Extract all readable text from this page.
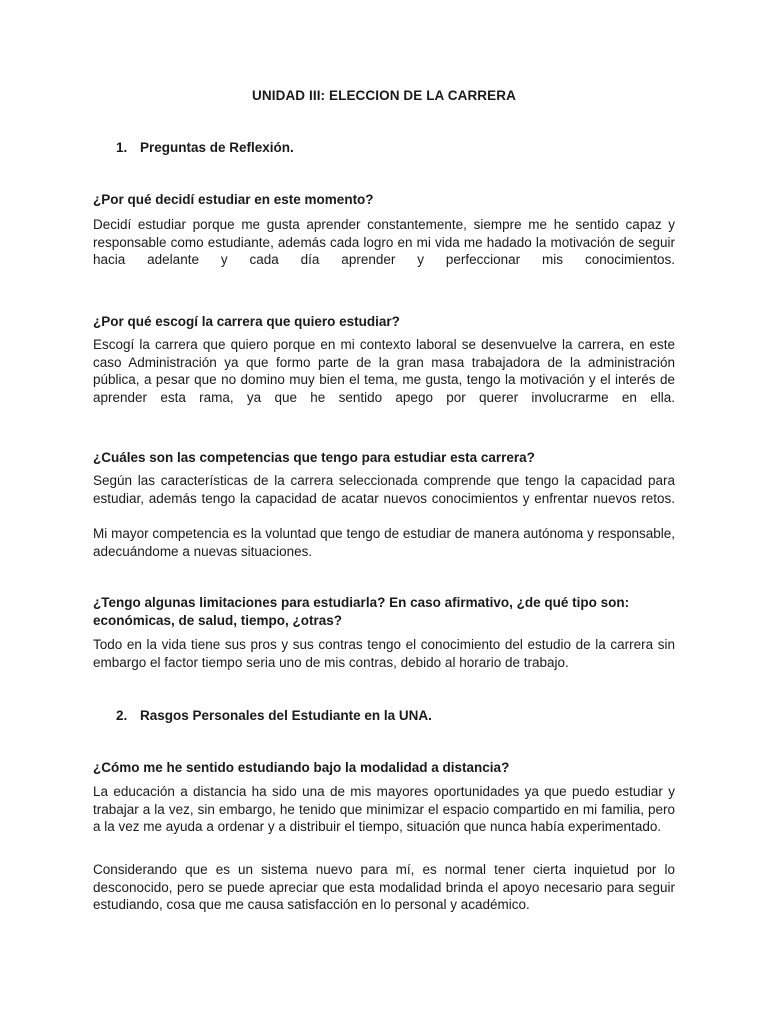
UNIDAD III: ELECCION DE LA CARRERA
1. Preguntas de Reflexión.
¿Por qué decidí estudiar en este momento?
Decidí estudiar porque me gusta aprender constantemente, siempre me he sentido capaz y responsable como estudiante, además cada logro en mi vida me hadado la motivación de seguir hacia adelante y cada día aprender y perfeccionar mis conocimientos.
¿Por qué escogí la carrera que quiero estudiar?
Escogí la carrera que quiero porque en mi contexto laboral se desenvuelve la carrera, en este caso Administración ya que formo parte de la gran masa trabajadora de la administración pública, a pesar que no domino muy bien el tema, me gusta, tengo la motivación y el interés de aprender esta rama, ya que he sentido apego por querer involucrarme en ella.
¿Cuáles son las competencias que tengo para estudiar esta carrera?
Según las características de la carrera seleccionada comprende que tengo la capacidad para estudiar, además tengo la capacidad de acatar nuevos conocimientos y enfrentar nuevos retos.
Mi mayor competencia es la voluntad que tengo de estudiar de manera autónoma y responsable, adecuándome a nuevas situaciones.
¿Tengo algunas limitaciones para estudiarla? En caso afirmativo, ¿de qué tipo son: económicas, de salud, tiempo, ¿otras?
Todo en la vida tiene sus pros y sus contras tengo el conocimiento del estudio de la carrera sin embargo el factor tiempo seria uno de mis contras, debido al horario de trabajo.
2. Rasgos Personales del Estudiante en la UNA.
¿Cómo me he sentido estudiando bajo la modalidad a distancia?
La educación a distancia ha sido una de mis mayores oportunidades ya que puedo estudiar y trabajar a la vez, sin embargo, he tenido que minimizar el espacio compartido en mi familia, pero a la vez me ayuda a ordenar y a distribuir el tiempo, situación que nunca había experimentado.
Considerando que es un sistema nuevo para mí, es normal tener cierta inquietud por lo desconocido, pero se puede apreciar que esta modalidad brinda el apoyo necesario para seguir estudiando, cosa que me causa satisfacción en lo personal y académico.
